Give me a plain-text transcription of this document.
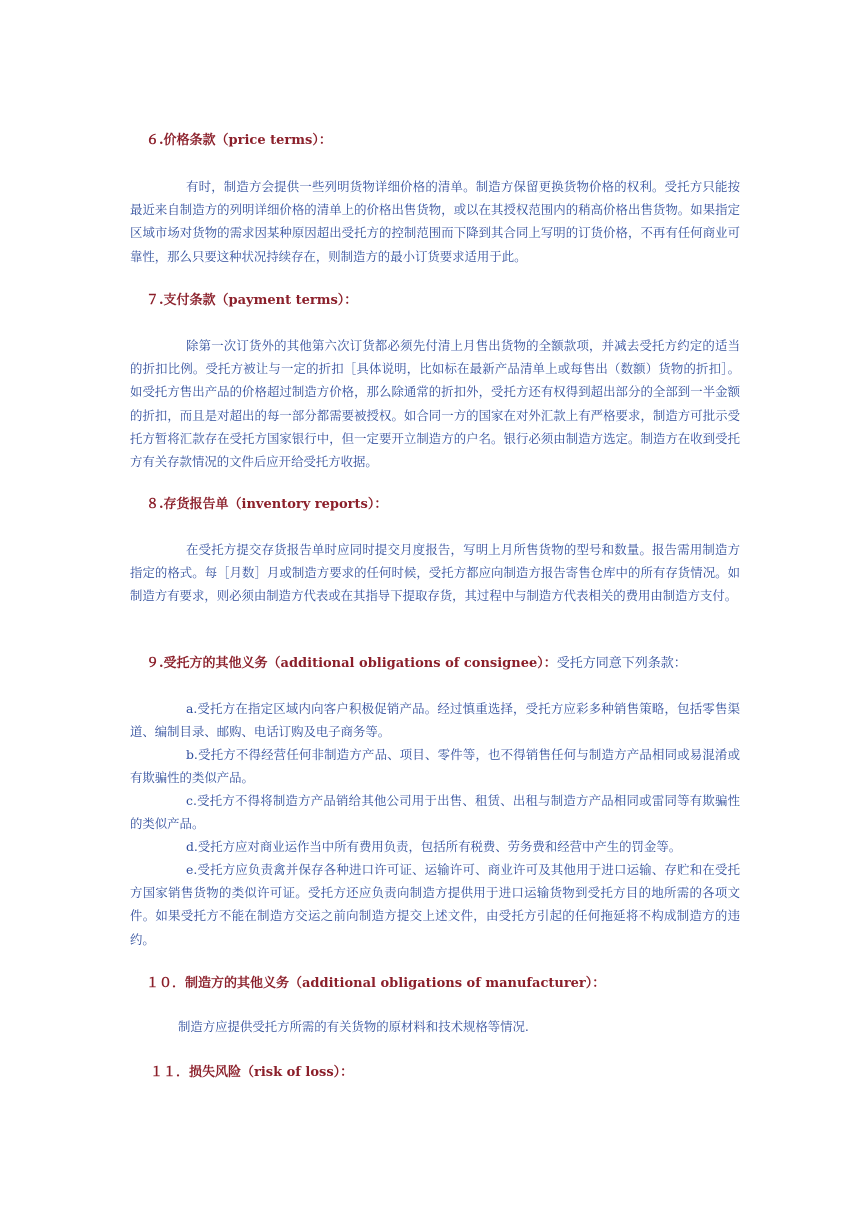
６.价格条款（price terms）：
有时，制造方会提供一些列明货物详细价格的清单。制造方保留更换货物价格的权利。受托方只能按最近来自制造方的列明详细价格的清单上的价格出售货物，或以在其授权范围内的稍高价格出售货物。如果指定区域市场对货物的需求因某种原因超出受托方的控制范围而下降到其合同上写明的订货价格，不再有任何商业可靠性，那么只要这种状况持续存在，则制造方的最小订货要求适用于此。
７.支付条款（payment terms）：
除第一次订货外的其他第六次订货都必须先付清上月售出货物的全额款项，并减去受托方约定的适当的折扣比例。受托方被让与一定的折扣［具体说明，比如标在最新产品清单上或每售出（数额）货物的折扣］。如受托方售出产品的价格超过制造方价格，那么除通常的折扣外，受托方还有权得到超出部分的全部到一半金额的折扣，而且是对超出的每一部分都需要被授权。如合同一方的国家在对外汇款上有严格要求，制造方可批示受托方暂将汇款存在受托方国家银行中，但一定要开立制造方的户名。银行必须由制造方选定。制造方在收到受托方有关存款情况的文件后应开给受托方收据。
８.存货报告单（inventory reports）：
在受托方提交存货报告单时应同时提交月度报告，写明上月所售货物的型号和数量。报告需用制造方指定的格式。每［月数］月或制造方要求的任何时候，受托方都应向制造方报告寄售仓库中的所有存货情况。如制造方有要求，则必须由制造方代表或在其指导下提取存货，其过程中与制造方代表相关的费用由制造方支付。
９.受托方的其他义务（additional obligations of consignee）：受托方同意下列条款：
a.受托方在指定区域内向客户积极促销产品。经过慎重选择，受托方应彩多种销售策略，包括零售渠道、编制目录、邮购、电话订购及电子商务等。
b.受托方不得经营任何非制造方产品、项目、零件等，也不得销售任何与制造方产品相同或易混淆或有欺骗性的类似产品。
c.受托方不得将制造方产品销给其他公司用于出售、租赁、出租与制造方产品相同或雷同等有欺骗性的类似产品。
d.受托方应对商业运作当中所有费用负责，包括所有税费、劳务费和经营中产生的罚金等。
e.受托方应负责禽并保存各种进口许可证、运输许可、商业许可及其他用于进口运输、存贮和在受托方国家销售货物的类似许可证。受托方还应负责向制造方提供用于进口运输货物到受托方目的地所需的各项文件。如果受托方不能在制造方交运之前向制造方提交上述文件，由受托方引起的任何拖延将不构成制造方的违约。
１０．制造方的其他义务（additional obligations of manufacturer）：
制造方应提供受托方所需的有关货物的原材料和技术规格等情况.
１１．损失风险（risk of loss）：
